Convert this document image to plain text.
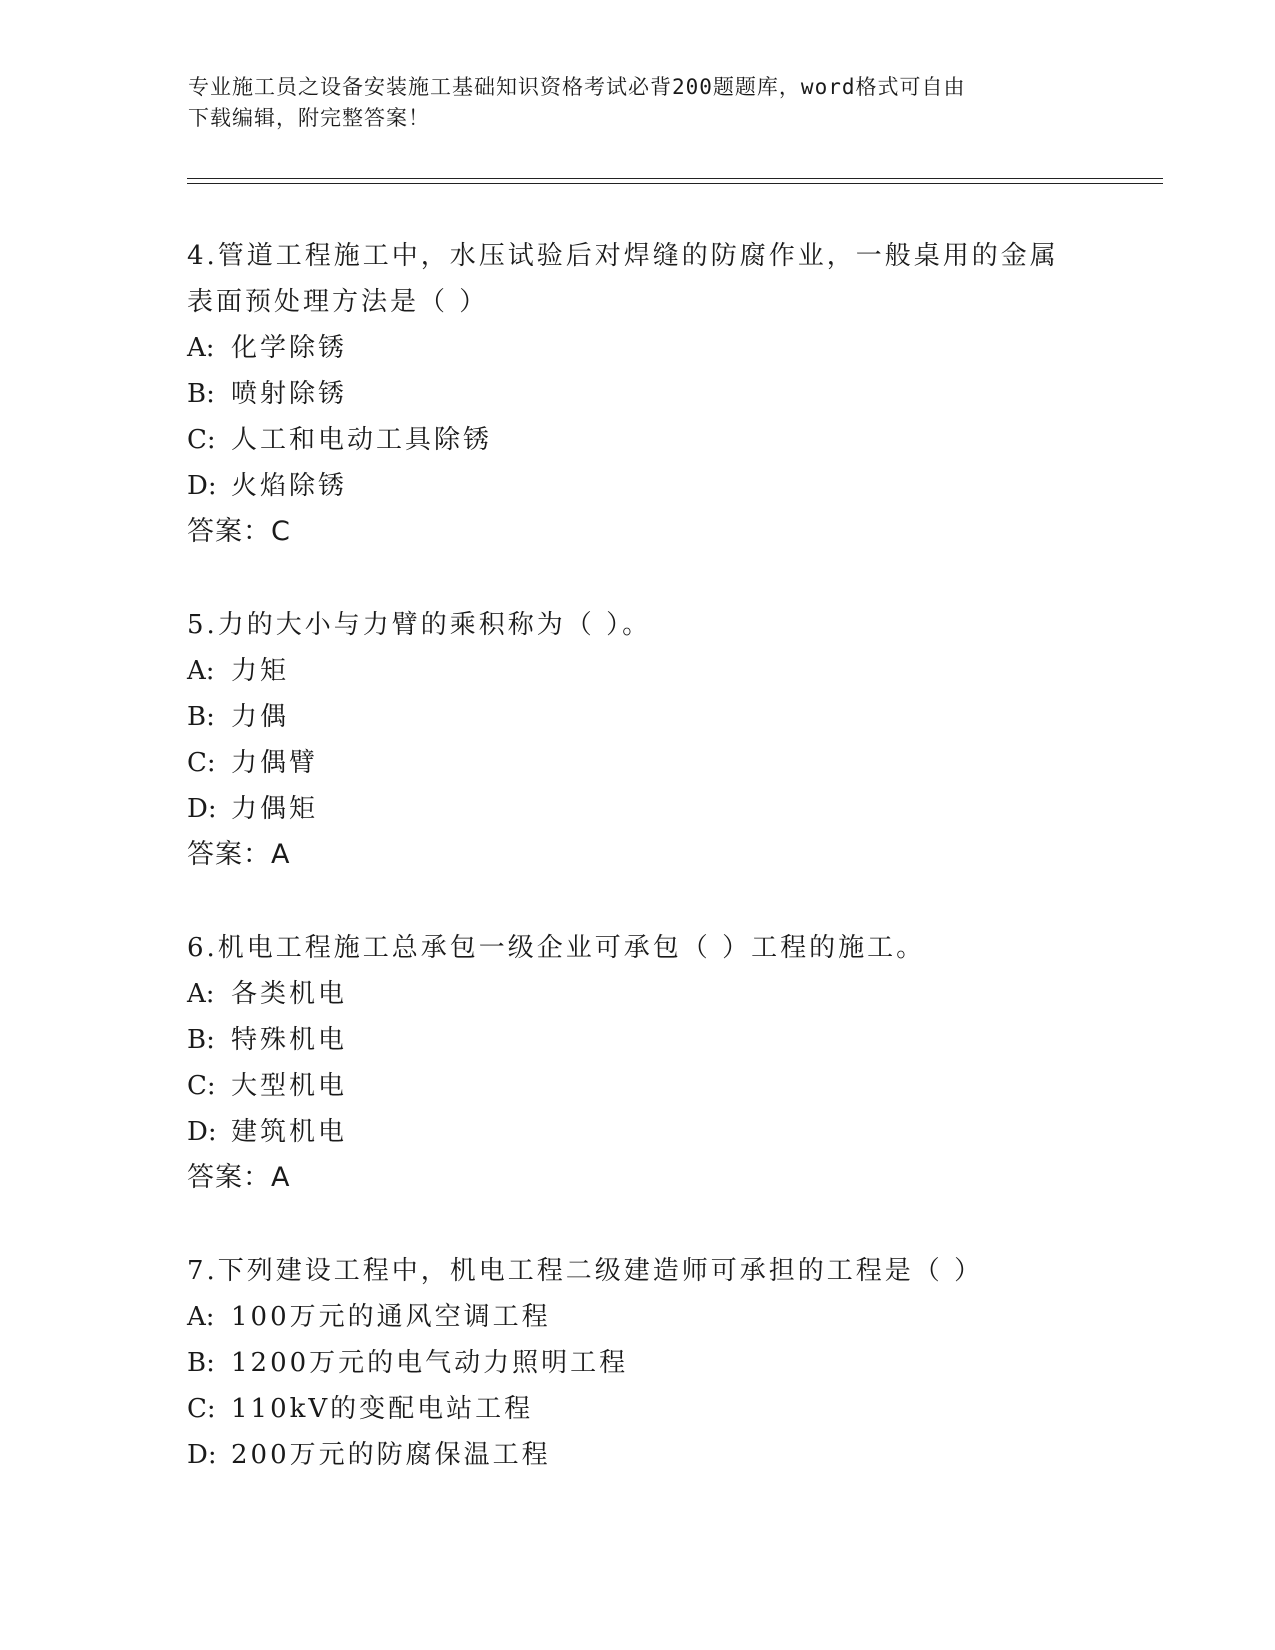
专业施工员之设备安装施工基础知识资格考试必背200题题库，word格式可自由
下载编辑，附完整答案！
4.管道工程施工中，水压试验后对焊缝的防腐作业，一般桌用的金属
表面预处理方法是（ ）
A: 化学除锈
B: 喷射除锈
C: 人工和电动工具除锈
D: 火焰除锈
答案：C
5.力的大小与力臂的乘积称为（ ）。
A: 力矩
B: 力偶
C: 力偶臂
D: 力偶矩
答案：A
6.机电工程施工总承包一级企业可承包（ ）工程的施工。
A: 各类机电
B: 特殊机电
C: 大型机电
D: 建筑机电
答案：A
7.下列建设工程中，机电工程二级建造师可承担的工程是（ ）
A: 100万元的通风空调工程
B: 1200万元的电气动力照明工程
C: 110kV的变配电站工程
D: 200万元的防腐保温工程
